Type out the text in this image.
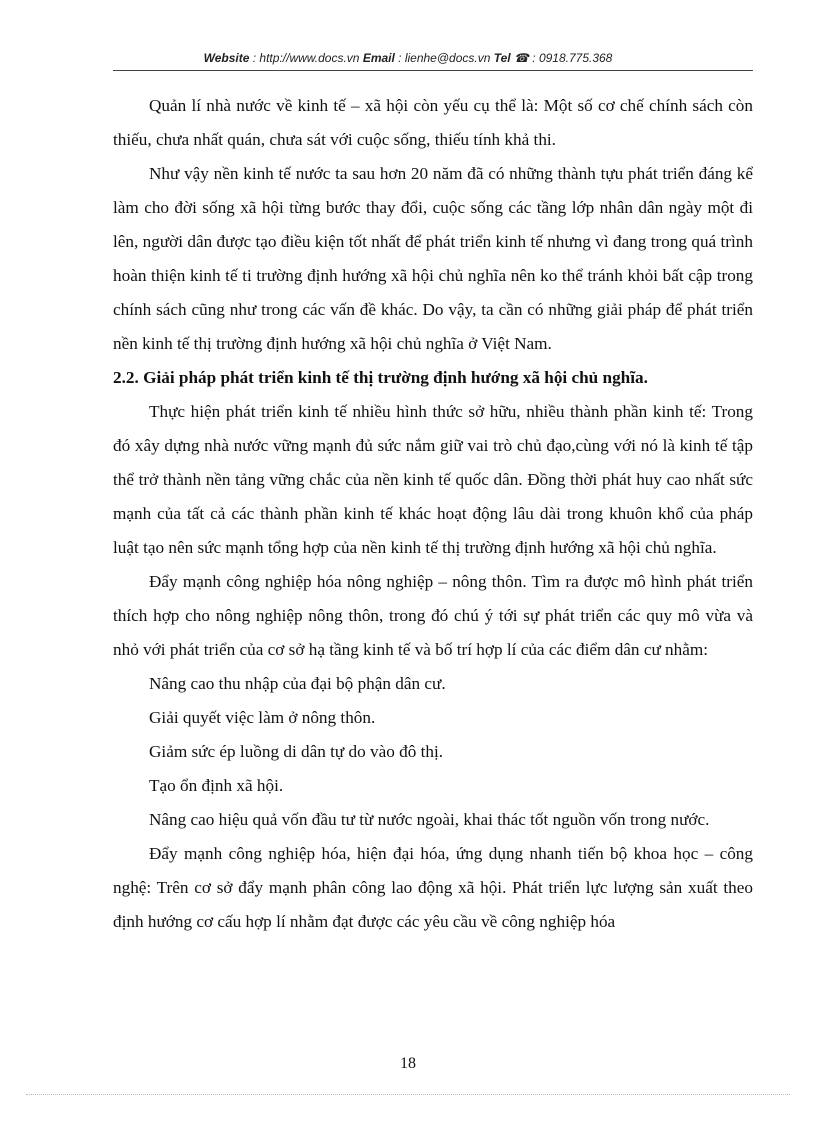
Website : http://www.docs.vn Email : lienhe@docs.vn Tel ☎ : 0918.775.368

Quản lí nhà nước về kinh tế – xã hội còn yếu cụ thể là: Một số cơ chế chính sách còn thiếu, chưa nhất quán, chưa sát với cuộc sống, thiếu tính khả thi.

Như vậy nền kinh tế nước ta sau hơn 20 năm đã có những thành tựu phát triển đáng kể làm cho đời sống xã hội từng bước thay đổi, cuộc sống các tầng lớp nhân dân ngày một đi lên, người dân được tạo điều kiện tốt nhất để phát triển kinh tế nhưng vì đang trong quá trình hoàn thiện kinh tế ti trường định hướng xã hội chủ nghĩa nên ko thể tránh khỏi bất cập trong chính sách cũng như trong các vấn đề khác. Do vậy, ta cần có những giải pháp để phát triển nền kinh tế thị trường định hướng xã hội chủ nghĩa ở Việt Nam.

2.2. Giải pháp phát triển kinh tế thị trường định hướng xã hội chủ nghĩa.

Thực hiện phát triển kinh tế nhiều hình thức sở hữu, nhiều thành phần kinh tế: Trong đó xây dựng nhà nước vững mạnh đủ sức nắm giữ vai trò chủ đạo,cùng với nó là kinh tế tập thể trở thành nền tảng vững chắc của nền kinh tế quốc dân. Đồng thời phát huy cao nhất sức mạnh của tất cả các thành phần kinh tế khác hoạt động lâu dài trong khuôn khổ của pháp luật tạo nên sức mạnh tổng hợp của nền kinh tế thị trường định hướng xã hội chủ nghĩa.

Đẩy mạnh công nghiệp hóa nông nghiệp – nông thôn. Tìm ra được mô hình phát triển thích hợp cho nông nghiệp nông thôn, trong đó chú ý tới sự phát triển các quy mô vừa và nhỏ với phát triển của cơ sở hạ tầng kinh tế và bố trí hợp lí của các điểm dân cư nhằm:

Nâng cao thu nhập của đại bộ phận dân cư.

Giải quyết việc làm ở nông thôn.

Giảm sức ép luồng di dân tự do vào đô thị.

Tạo ổn định xã hội.

Nâng cao hiệu quả vốn đầu tư từ nước ngoài, khai thác tốt nguồn vốn trong nước.

Đẩy mạnh công nghiệp hóa, hiện đại hóa, ứng dụng nhanh tiến bộ khoa học – công nghệ: Trên cơ sở đẩy mạnh phân công lao động xã hội. Phát triển lực lượng sản xuất theo định hướng cơ cấu hợp lí nhằm đạt được các yêu cầu về công nghiệp hóa

18
